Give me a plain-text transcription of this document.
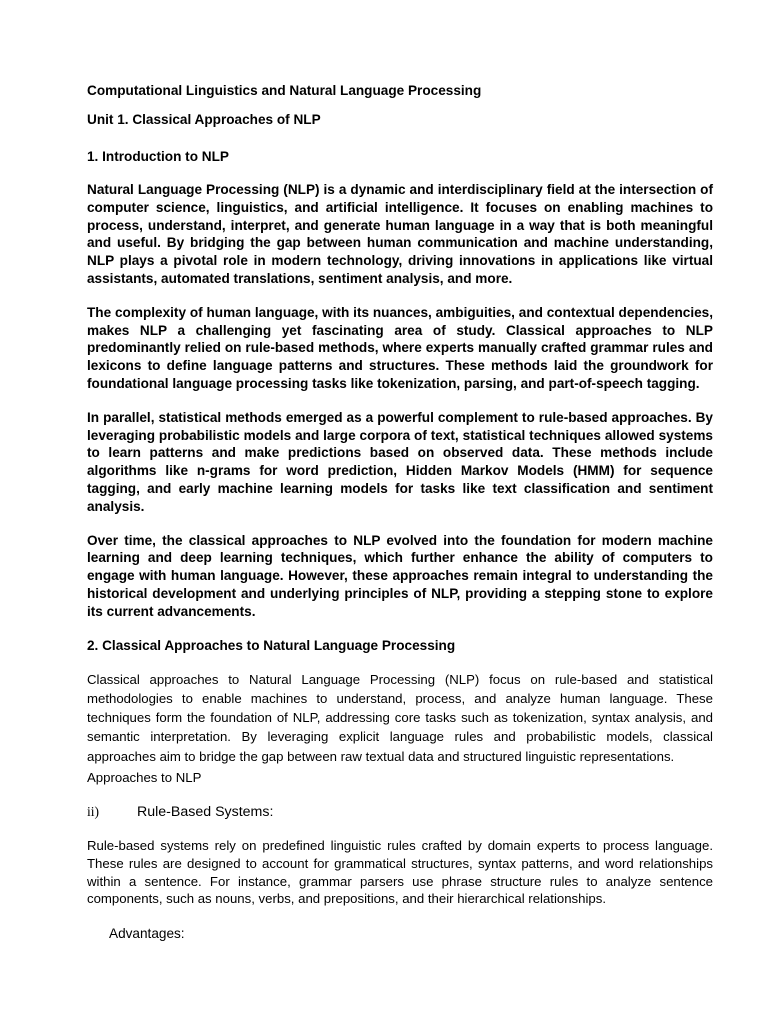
Computational Linguistics and Natural Language Processing

Unit 1. Classical Approaches of NLP

1. Introduction to NLP

Natural Language Processing (NLP) is a dynamic and interdisciplinary field at the intersection of computer science, linguistics, and artificial intelligence. It focuses on enabling machines to process, understand, interpret, and generate human language in a way that is both meaningful and useful. By bridging the gap between human communication and machine understanding, NLP plays a pivotal role in modern technology, driving innovations in applications like virtual assistants, automated translations, sentiment analysis, and more.

The complexity of human language, with its nuances, ambiguities, and contextual dependencies, makes NLP a challenging yet fascinating area of study. Classical approaches to NLP predominantly relied on rule-based methods, where experts manually crafted grammar rules and lexicons to define language patterns and structures. These methods laid the groundwork for foundational language processing tasks like tokenization, parsing, and part-of-speech tagging.

In parallel, statistical methods emerged as a powerful complement to rule-based approaches. By leveraging probabilistic models and large corpora of text, statistical techniques allowed systems to learn patterns and make predictions based on observed data. These methods include algorithms like n-grams for word prediction, Hidden Markov Models (HMM) for sequence tagging, and early machine learning models for tasks like text classification and sentiment analysis.

Over time, the classical approaches to NLP evolved into the foundation for modern machine learning and deep learning techniques, which further enhance the ability of computers to engage with human language. However, these approaches remain integral to understanding the historical development and underlying principles of NLP, providing a stepping stone to explore its current advancements.

2. Classical Approaches to Natural Language Processing

Classical approaches to Natural Language Processing (NLP) focus on rule-based and statistical methodologies to enable machines to understand, process, and analyze human language. These techniques form the foundation of NLP, addressing core tasks such as tokenization, syntax analysis, and semantic interpretation. By leveraging explicit language rules and probabilistic models, classical approaches aim to bridge the gap between raw textual data and structured linguistic representations.

Approaches to NLP

ii)	Rule-Based Systems:

Rule-based systems rely on predefined linguistic rules crafted by domain experts to process language. These rules are designed to account for grammatical structures, syntax patterns, and word relationships within a sentence. For instance, grammar parsers use phrase structure rules to analyze sentence components, such as nouns, verbs, and prepositions, and their hierarchical relationships.

Advantages:
